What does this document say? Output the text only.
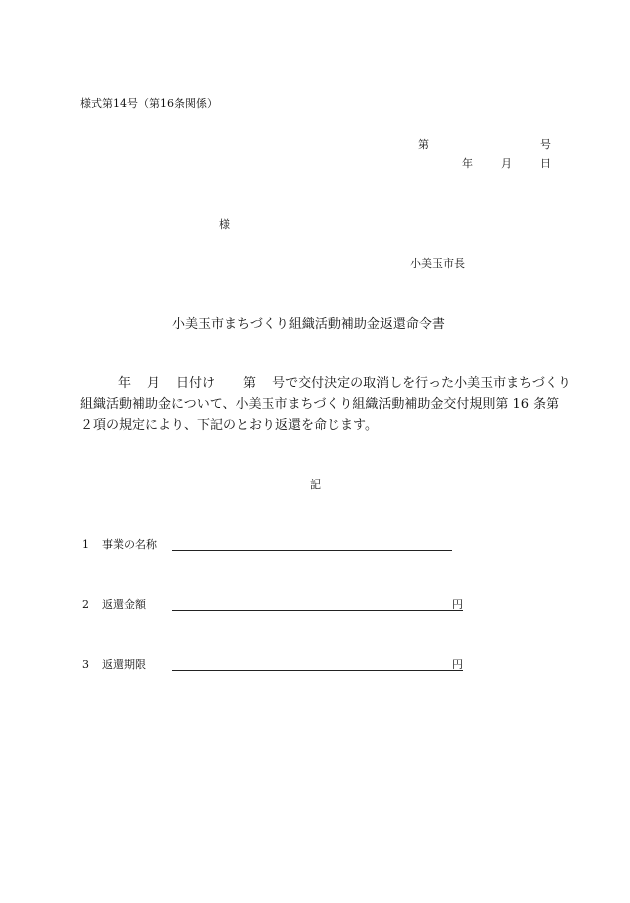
様式第14号（第16条関係）
第	号
年	月	日
様
小美玉市長
小美玉市まちづくり組織活動補助金返還命令書
年 月 日付け 第 号で交付決定の取消しを行った小美玉市まちづくり
組織活動補助金について、小美玉市まちづくり組織活動補助金交付規則第 16 条第
２項の規定により、下記のとおり返還を命じます。
記
1 事業の名称
2 返還金額	円
3 返還期限	円
